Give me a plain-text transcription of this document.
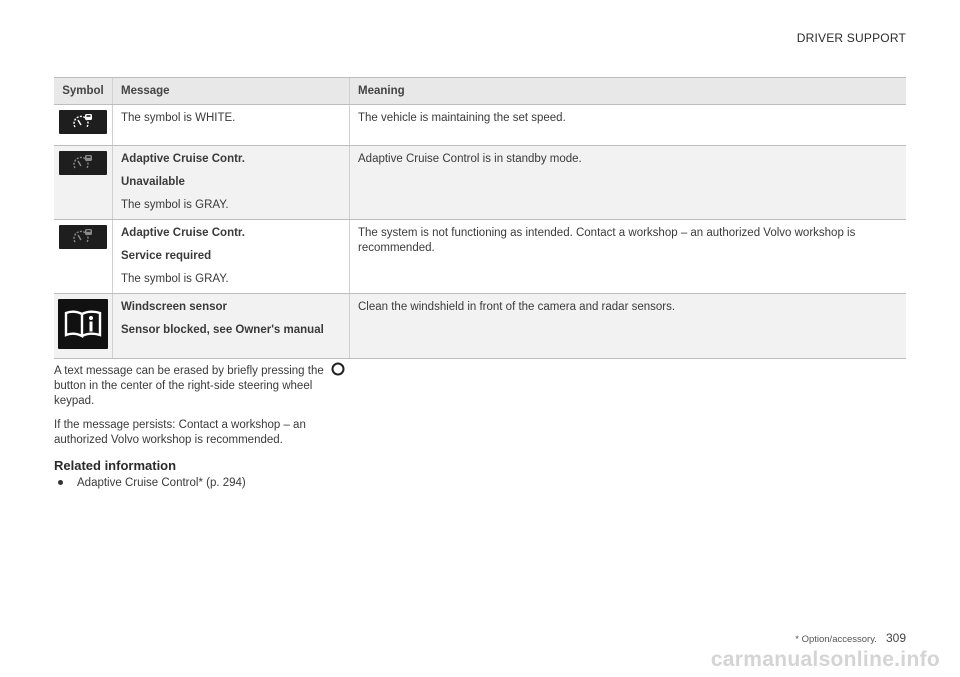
DRIVER SUPPORT
Symbol	Message	Meaning

The symbol is WHITE.	The vehicle is maintaining the set speed.

Adaptive Cruise Contr.
Unavailable
The symbol is GRAY.	Adaptive Cruise Control is in standby mode.

Adaptive Cruise Contr.
Service required
The symbol is GRAY.	The system is not functioning as intended. Contact a workshop – an authorized Volvo workshop is recommended.

Windscreen sensor
Sensor blocked, see Owner's manual	Clean the windshield in front of the camera and radar sensors.
A text message can be erased by briefly pressing the  button in the center of the right-side steering wheel keypad.
If the message persists: Contact a workshop – an authorized Volvo workshop is recommended.
Related information
Adaptive Cruise Control* (p. 294)
* Option/accessory. 309
carmanualsonline.info
